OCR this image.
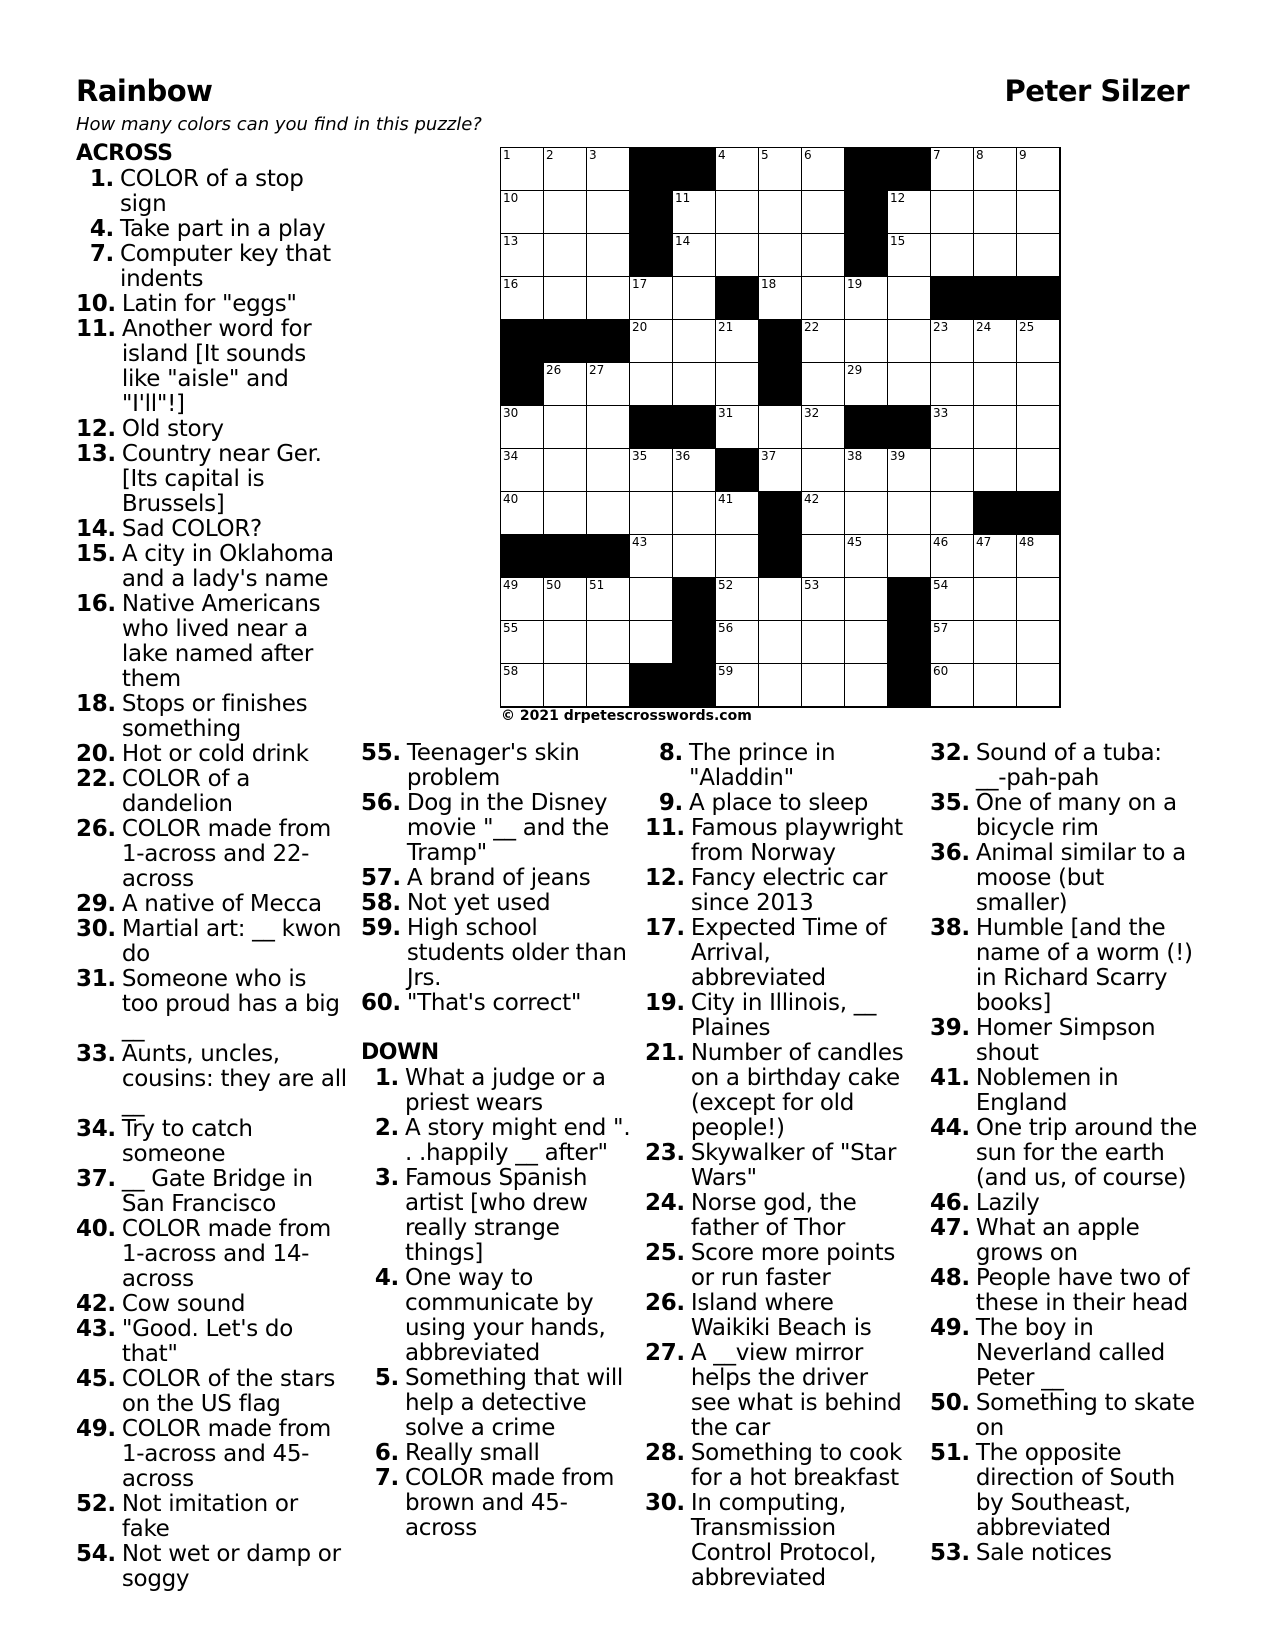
Rainbow	Peter Silzer
How many colors can you find in this puzzle?
ACROSS
1. COLOR of a stop sign
4. Take part in a play
7. Computer key that indents
10. Latin for "eggs"
11. Another word for island [It sounds like "aisle" and "I'll"!]
12. Old story
13. Country near Ger. [Its capital is Brussels]
14. Sad COLOR?
15. A city in Oklahoma and a lady's name
16. Native Americans who lived near a lake named after them
18. Stops or finishes something
20. Hot or cold drink
22. COLOR of a dandelion
26. COLOR made from 1-across and 22-across
29. A native of Mecca
30. Martial art: __ kwon do
31. Someone who is too proud has a big __
33. Aunts, uncles, cousins: they are all __
34. Try to catch someone
37. __ Gate Bridge in San Francisco
40. COLOR made from 1-across and 14-across
42. Cow sound
43. "Good. Let's do that"
45. COLOR of the stars on the US flag
49. COLOR made from 1-across and 45-across
52. Not imitation or fake
54. Not wet or damp or soggy
55. Teenager's skin problem
56. Dog in the Disney movie "__ and the Tramp"
57. A brand of jeans
58. Not yet used
59. High school students older than Jrs.
60. "That's correct"
DOWN
1. What a judge or a priest wears
2. A story might end ". . .happily __ after"
3. Famous Spanish artist [who drew really strange things]
4. One way to communicate by using your hands, abbreviated
5. Something that will help a detective solve a crime
6. Really small
7. COLOR made from brown and 45-across
8. The prince in "Aladdin"
9. A place to sleep
11. Famous playwright from Norway
12. Fancy electric car since 2013
17. Expected Time of Arrival, abbreviated
19. City in Illinois, __ Plaines
21. Number of candles on a birthday cake (except for old people!)
23. Skywalker of "Star Wars"
24. Norse god, the father of Thor
25. Score more points or run faster
26. Island where Waikiki Beach is
27. A __view mirror helps the driver see what is behind the car
28. Something to cook for a hot breakfast
30. In computing, Transmission Control Protocol, abbreviated
32. Sound of a tuba: __-pah-pah
35. One of many on a bicycle rim
36. Animal similar to a moose (but smaller)
38. Humble [and the name of a worm (!) in Richard Scarry books]
39. Homer Simpson shout
41. Noblemen in England
44. One trip around the sun for the earth (and us, of course)
46. Lazily
47. What an apple grows on
48. People have two of these in their head
49. The boy in Neverland called Peter __
50. Something to skate on
51. The opposite direction of South by Southeast, abbreviated
53. Sale notices
1	2	3	4	5	6	7	8	9
10	11	12
13	14	15
16	17	18	19
20	21	22	23 24 25
26 27	29
30	31	32	33
34	35 36	37	38 39
40	41	42
43	45	46 47 48
49 50 51	52	53	54
55	56	57
58	59	60
© 2021 drpetescrosswords.com
